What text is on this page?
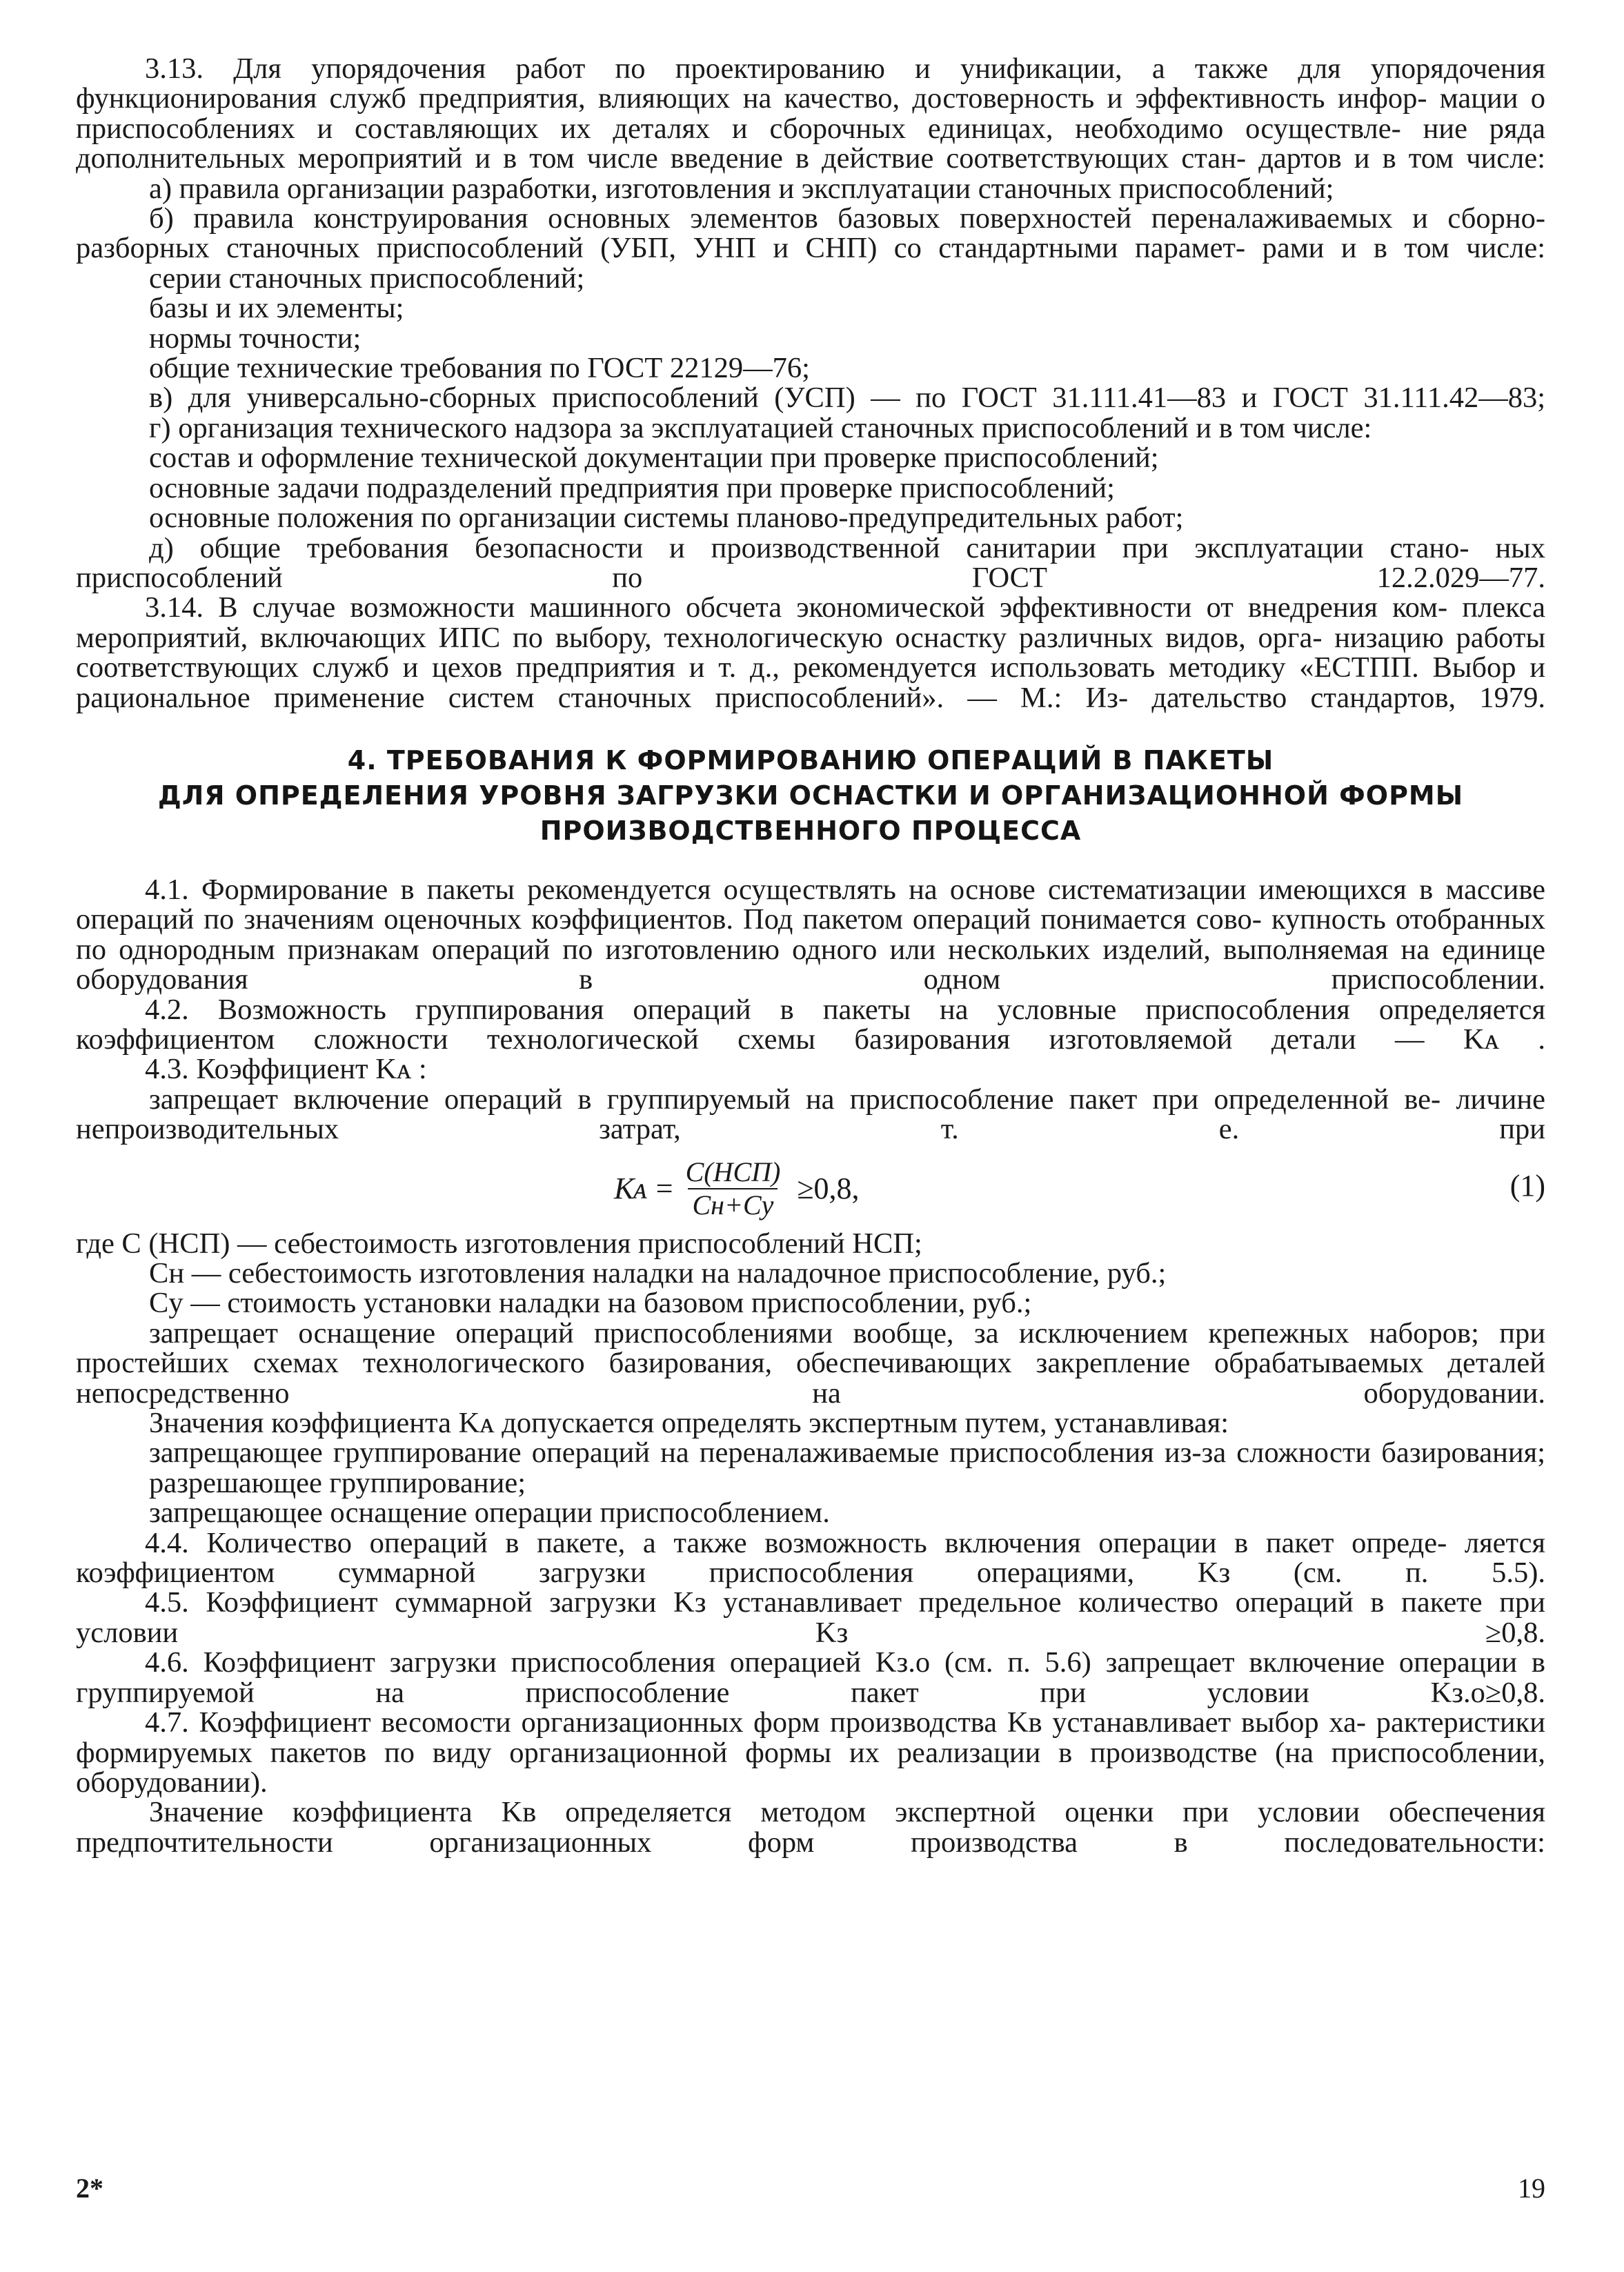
3.13. Для упорядочения работ по проектированию и унификации, а также для упорядочения функционирования служб предприятия, влияющих на качество, достоверность и эффективность инфор- мации о приспособлениях и составляющих их деталях и сборочных единицах, необходимо осуществле- ние ряда дополнительных мероприятий и в том числе введение в действие соответствующих стан- дартов и в том числе:

а) правила организации разработки, изготовления и эксплуатации станочных приспособлений;

б) правила конструирования основных элементов базовых поверхностей переналаживаемых и сборно-разборных станочных приспособлений (УБП, УНП и СНП) со стандартными парамет- рами и в том числе:

серии станочных приспособлений;

базы и их элементы;

нормы точности;

общие технические требования по ГОСТ 22129—76;

в) для универсально-сборных приспособлений (УСП) — по ГОСТ 31.111.41—83 и ГОСТ 31.111.42—83;

г) организация технического надзора за эксплуатацией станочных приспособлений и в том числе:

состав и оформление технической документации при проверке приспособлений;

основные задачи подразделений предприятия при проверке приспособлений;

основные положения по организации системы планово-предупредительных работ;

д) общие требования безопасности и производственной санитарии при эксплуатации стано- ных приспособлений по ГОСТ 12.2.029—77.

3.14. В случае возможности машинного обсчета экономической эффективности от внедрения ком- плекса мероприятий, включающих ИПС по выбору, технологическую оснастку различных видов, орга- низацию работы соответствующих служб и цехов предприятия и т. д., рекомендуется использовать методику «ЕСТПП. Выбор и рациональное применение систем станочных приспособлений». — М.: Из- дательство стандартов, 1979.

4. ТРЕБОВАНИЯ К ФОРМИРОВАНИЮ ОПЕРАЦИЙ В ПАКЕТЫ

ДЛЯ ОПРЕДЕЛЕНИЯ УРОВНЯ ЗАГРУЗКИ ОСНАСТКИ И ОРГАНИЗАЦИОННОЙ ФОРМЫ

ПРОИЗВОДСТВЕННОГО ПРОЦЕССА

4.1. Формирование в пакеты рекомендуется осуществлять на основе систематизации имеющихся в массиве операций по значениям оценочных коэффициентов. Под пакетом операций понимается сово- купность отобранных по однородным признакам операций по изготовлению одного или нескольких изделий, выполняемая на единице оборудования в одном приспособлении.

4.2. Возможность группирования операций в пакеты на условные приспособления определяется коэффициентом сложности технологической схемы базирования изготовляемой детали — Kᴀ .

4.3. Коэффициент Kᴀ :

запрещает включение операций в группируемый на приспособление пакет при определенной ве- личине непроизводительных затрат, т. е. при

Kᴀ = $\frac{\text{C(НСП)}}{Cн+Cу} \ge 0,8$,	(1)

где C (НСП) — себестоимость изготовления приспособлений НСП;

Cн — себестоимость изготовления наладки на наладочное приспособление, руб.;

Cу — стоимость установки наладки на базовом приспособлении, руб.;

запрещает оснащение операций приспособлениями вообще, за исключением крепежных наборов; при простейших схемах технологического базирования, обеспечивающих закрепление обрабатываемых деталей непосредственно на оборудовании.

Значения коэффициента Kᴀ допускается определять экспертным путем, устанавливая:

запрещающее группирование операций на переналаживаемые приспособления из-за сложности базирования;

разрешающее группирование;

запрещающее оснащение операции приспособлением.

4.4. Количество операций в пакете, а также возможность включения операции в пакет опреде- ляется коэффициентом суммарной загрузки приспособления операциями, Kз (см. п. 5.5).

4.5. Коэффициент суммарной загрузки Kз устанавливает предельное количество операций в пакете при условии Kз ≥0,8.

4.6. Коэффициент загрузки приспособления операцией Kз.о (см. п. 5.6) запрещает включение операции в группируемой на приспособление пакет при условии Kз.о≥0,8.

4.7. Коэффициент весомости организационных форм производства Kв устанавливает выбор ха- рактеристики формируемых пакетов по виду организационной формы их реализации в производстве (на приспособлении, оборудовании).

Значение коэффициента Kв определяется методом экспертной оценки при условии обеспечения предпочтительности организационных форм производства в последовательности:

2*	19
